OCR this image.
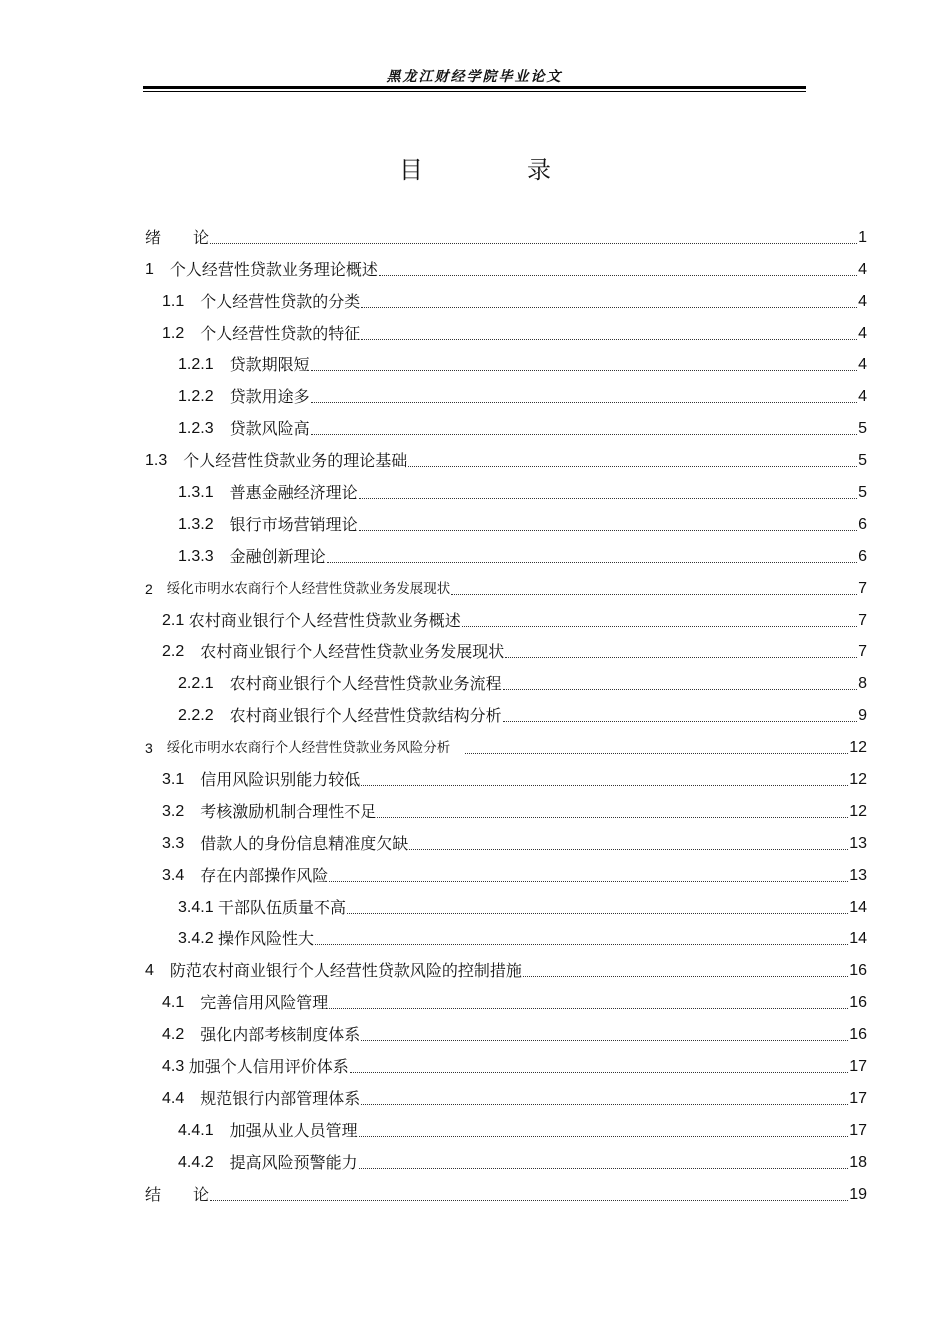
黑龙江财经学院毕业论文
目　录
绪　　论	1
1　 个人经营性贷款业务理论概述	4
1.1　 个人经营性贷款的分类	4
1.2　 个人经营性贷款的特征	4
1.2.1　 贷款期限短	4
1.2.2　 贷款用途多	4
1.2.3　 贷款风险高	5
1.3　 个人经营性贷款业务的理论基础	5
1.3.1　 普惠金融经济理论	5
1.3.2　 银行市场营销理论	6
1.3.3　 金融创新理论	6
2　 绥化市明水农商行个人经营性贷款业务发展现状	7
2.1 农村商业银行个人经营性贷款业务概述	7
2.2　 农村商业银行个人经营性贷款业务发展现状	7
2.2.1　 农村商业银行个人经营性贷款业务流程	8
2.2.2　 农村商业银行个人经营性贷款结构分析	9
3　 绥化市明水农商行个人经营性贷款业务风险分析　	12
3.1　 信用风险识别能力较低	12
3.2　 考核激励机制合理性不足	12
3.3　 借款人的身份信息精准度欠缺	13
3.4　 存在内部操作风险	13
3.4.1 干部队伍质量不高	14
3.4.2 操作风险性大	14
4　 防范农村商业银行个人经营性贷款风险的控制措施	16
4.1　 完善信用风险管理	16
4.2　 强化内部考核制度体系	16
4.3 加强个人信用评价体系	17
4.4　 规范银行内部管理体系	17
4.4.1　 加强从业人员管理	17
4.4.2　 提高风险预警能力	18
结　　论	19
